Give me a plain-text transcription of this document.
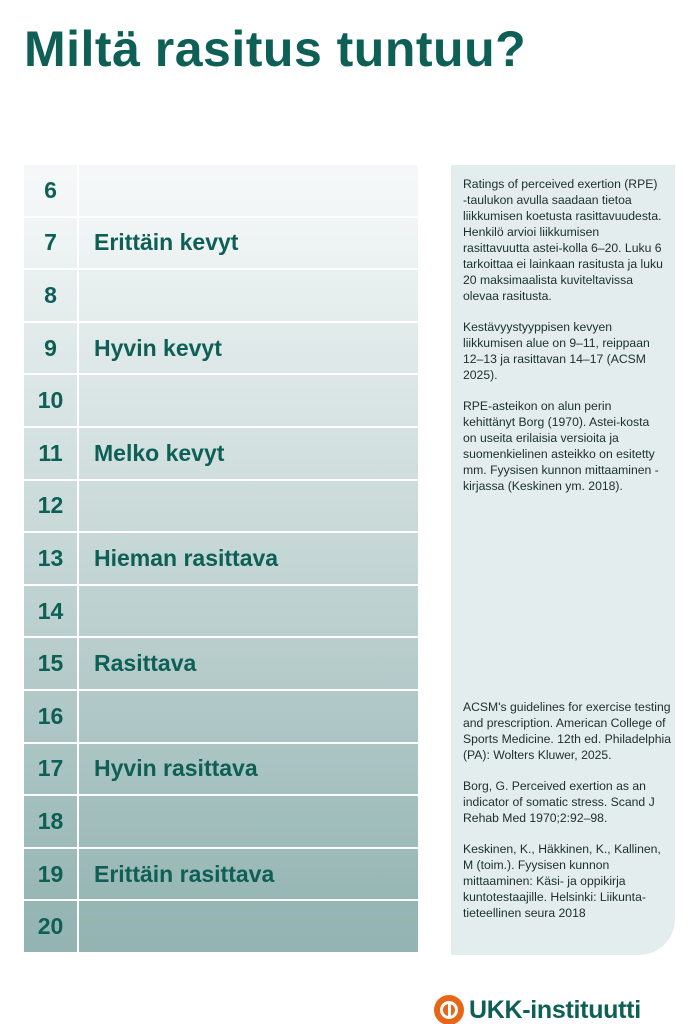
Miltä rasitus tuntuu?
6
7	Erittäin kevyt
8
9	Hyvin kevyt
10
11	Melko kevyt
12
13	Hieman rasittava
14
15	Rasittava
16
17	Hyvin rasittava
18
19	Erittäin rasittava
20

Ratings of perceived exertion (RPE) -taulukon avulla saadaan tietoa liikkumisen koetusta rasittavuudesta. Henkilö arvioi liikkumisen rasittavuutta astei-kolla 6–20. Luku 6 tarkoittaa ei lainkaan rasitusta ja luku 20 maksimaalista kuviteltavissa olevaa rasitusta.

Kestävyystyyppisen kevyen liikkumisen alue on 9–11, reippaan 12–13 ja rasittavan 14–17 (ACSM 2025).

RPE-asteikon on alun perin kehittänyt Borg (1970). Astei-kosta on useita erilaisia versioita ja suomenkielinen asteikko on esitetty mm. Fyysisen kunnon mittaaminen -kirjassa (Keskinen ym. 2018).

ACSM's guidelines for exercise testing and prescription. American College of Sports Medicine. 12th ed. Philadelphia (PA): Wolters Kluwer, 2025.

Borg, G. Perceived exertion as an indicator of somatic stress. Scand J Rehab Med 1970;2:92–98.

Keskinen, K., Häkkinen, K., Kallinen, M (toim.). Fyysisen kunnon mittaaminen: Käsi- ja oppikirja kuntotestaajille. Helsinki: Liikunta-tieteellinen seura 2018

UKK-instituutti
